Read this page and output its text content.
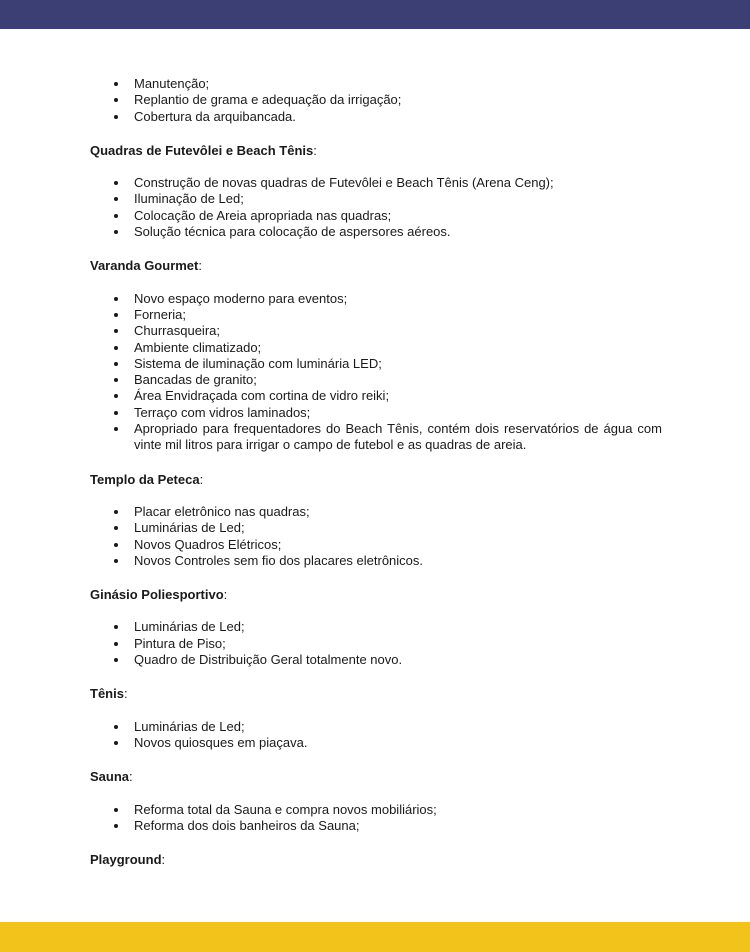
Manutenção;
Replantio de grama e adequação da irrigação;
Cobertura da arquibancada.
Quadras de Futevôlei e Beach Tênis:
Construção de novas quadras de Futevôlei e Beach Tênis (Arena Ceng);
Iluminação de Led;
Colocação de Areia apropriada nas quadras;
Solução técnica para colocação de aspersores aéreos.
Varanda Gourmet:
Novo espaço moderno para eventos;
Forneria;
Churrasqueira;
Ambiente climatizado;
Sistema de iluminação com luminária LED;
Bancadas de granito;
Área Envidraçada com cortina de vidro reiki;
Terraço com vidros laminados;
Apropriado para frequentadores do Beach Tênis, contém dois reservatórios de água com vinte mil litros para irrigar o campo de futebol e as quadras de areia.
Templo da Peteca:
Placar eletrônico nas quadras;
Luminárias de Led;
Novos Quadros Elétricos;
Novos Controles sem fio dos placares eletrônicos.
Ginásio Poliesportivo:
Luminárias de Led;
Pintura de Piso;
Quadro de Distribuição Geral totalmente novo.
Tênis:
Luminárias de Led;
Novos quiosques em piaçava.
Sauna:
Reforma total da Sauna e compra novos mobiliários;
Reforma dos dois banheiros da Sauna;
Playground:
